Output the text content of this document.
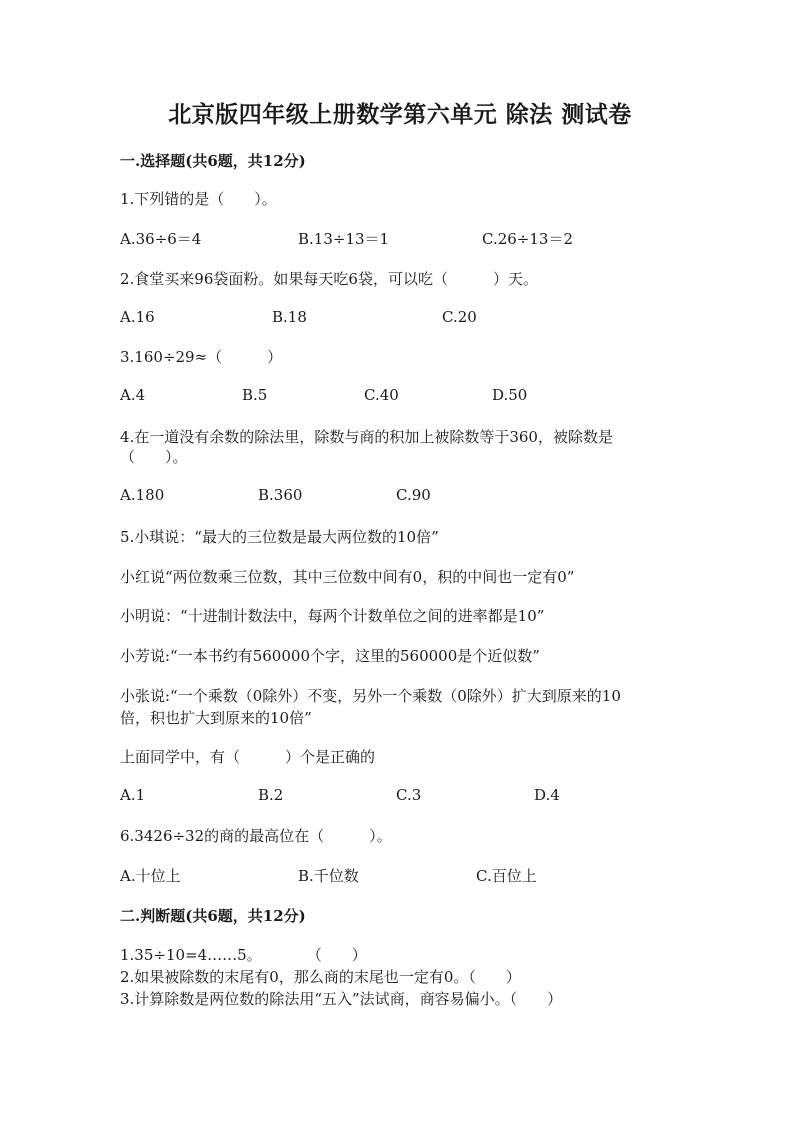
北京版四年级上册数学第六单元 除法 测试卷
一.选择题(共6题，共12分)
1.下列错的是（　　）。
A.36÷6＝4	B.13÷13＝1	C.26÷13＝2
2.食堂买来96袋面粉。如果每天吃6袋，可以吃（　　　）天。
A.16	B.18	C.20
3.160÷29≈（　　　）
A.4	B.5	C.40	D.50
4.在一道没有余数的除法里，除数与商的积加上被除数等于360，被除数是
（　　）。
A.180	B.360	C.90
5.小琪说：“最大的三位数是最大两位数的10倍”
小红说“两位数乘三位数，其中三位数中间有0，积的中间也一定有0”
小明说：“十进制计数法中，每两个计数单位之间的进率都是10”
小芳说:“一本书约有560000个字，这里的560000是个近似数”
小张说:“一个乘数（0除外）不变，另外一个乘数（0除外）扩大到原来的10
倍，积也扩大到原来的10倍”
上面同学中，有（　　　）个是正确的
A.1	B.2	C.3	D.4
6.3426÷32的商的最高位在（　　　）。
A.十位上	B.千位数	C.百位上
二.判断题(共6题，共12分)
1.35÷10=4……5。　　　　（　　）
2.如果被除数的末尾有0，那么商的末尾也一定有0。（　　）
3.计算除数是两位数的除法用“五入”法试商，商容易偏小。（　　）
